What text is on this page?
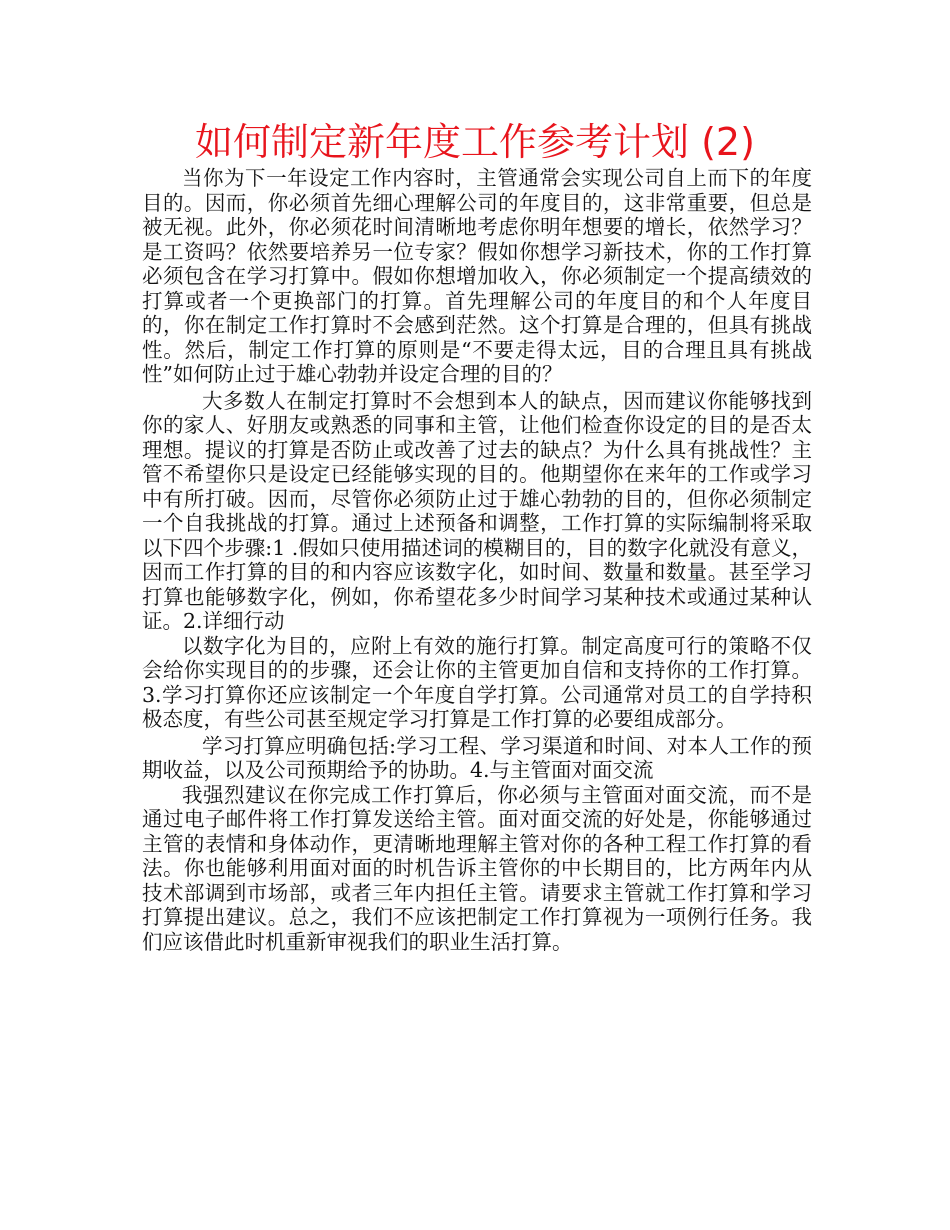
如何制定新年度工作参考计划 (2)

当你为下一年设定工作内容时，主管通常会实现公司自上而下的年度目的。因而，你必须首先细心理解公司的年度目的，这非常重要，但总是被无视。此外，你必须花时间清晰地考虑你明年想要的增长，依然学习？是工资吗？依然要培养另一位专家？假如你想学习新技术，你的工作打算必须包含在学习打算中。假如你想增加收入，你必须制定一个提高绩效的打算或者一个更换部门的打算。首先理解公司的年度目的和个人年度目的，你在制定工作打算时不会感到茫然。这个打算是合理的，但具有挑战性。然后，制定工作打算的原则是“不要走得太远，目的合理且具有挑战性”如何防止过于雄心勃勃并设定合理的目的？

大多数人在制定打算时不会想到本人的缺点，因而建议你能够找到你的家人、好朋友或熟悉的同事和主管，让他们检查你设定的目的是否太理想。提议的打算是否防止或改善了过去的缺点？为什么具有挑战性？主管不希望你只是设定已经能够实现的目的。他期望你在来年的工作或学习中有所打破。因而，尽管你必须防止过于雄心勃勃的目的，但你必须制定一个自我挑战的打算。通过上述预备和调整，工作打算的实际编制将采取以下四个步骤:1 .假如只使用描述词的模糊目的，目的数字化就没有意义，因而工作打算的目的和内容应该数字化，如时间、数量和数量。甚至学习打算也能够数字化，例如，你希望花多少时间学习某种技术或通过某种认证。2.详细行动

以数字化为目的，应附上有效的施行打算。制定高度可行的策略不仅会给你实现目的的步骤，还会让你的主管更加自信和支持你的工作打算。3.学习打算你还应该制定一个年度自学打算。公司通常对员工的自学持积极态度，有些公司甚至规定学习打算是工作打算的必要组成部分。

学习打算应明确包括:学习工程、学习渠道和时间、对本人工作的预期收益，以及公司预期给予的协助。4.与主管面对面交流

我强烈建议在你完成工作打算后，你必须与主管面对面交流，而不是通过电子邮件将工作打算发送给主管。面对面交流的好处是，你能够通过主管的表情和身体动作，更清晰地理解主管对你的各种工程工作打算的看法。你也能够利用面对面的时机告诉主管你的中长期目的，比方两年内从技术部调到市场部，或者三年内担任主管。请要求主管就工作打算和学习打算提出建议。总之，我们不应该把制定工作打算视为一项例行任务。我们应该借此时机重新审视我们的职业生活打算。
